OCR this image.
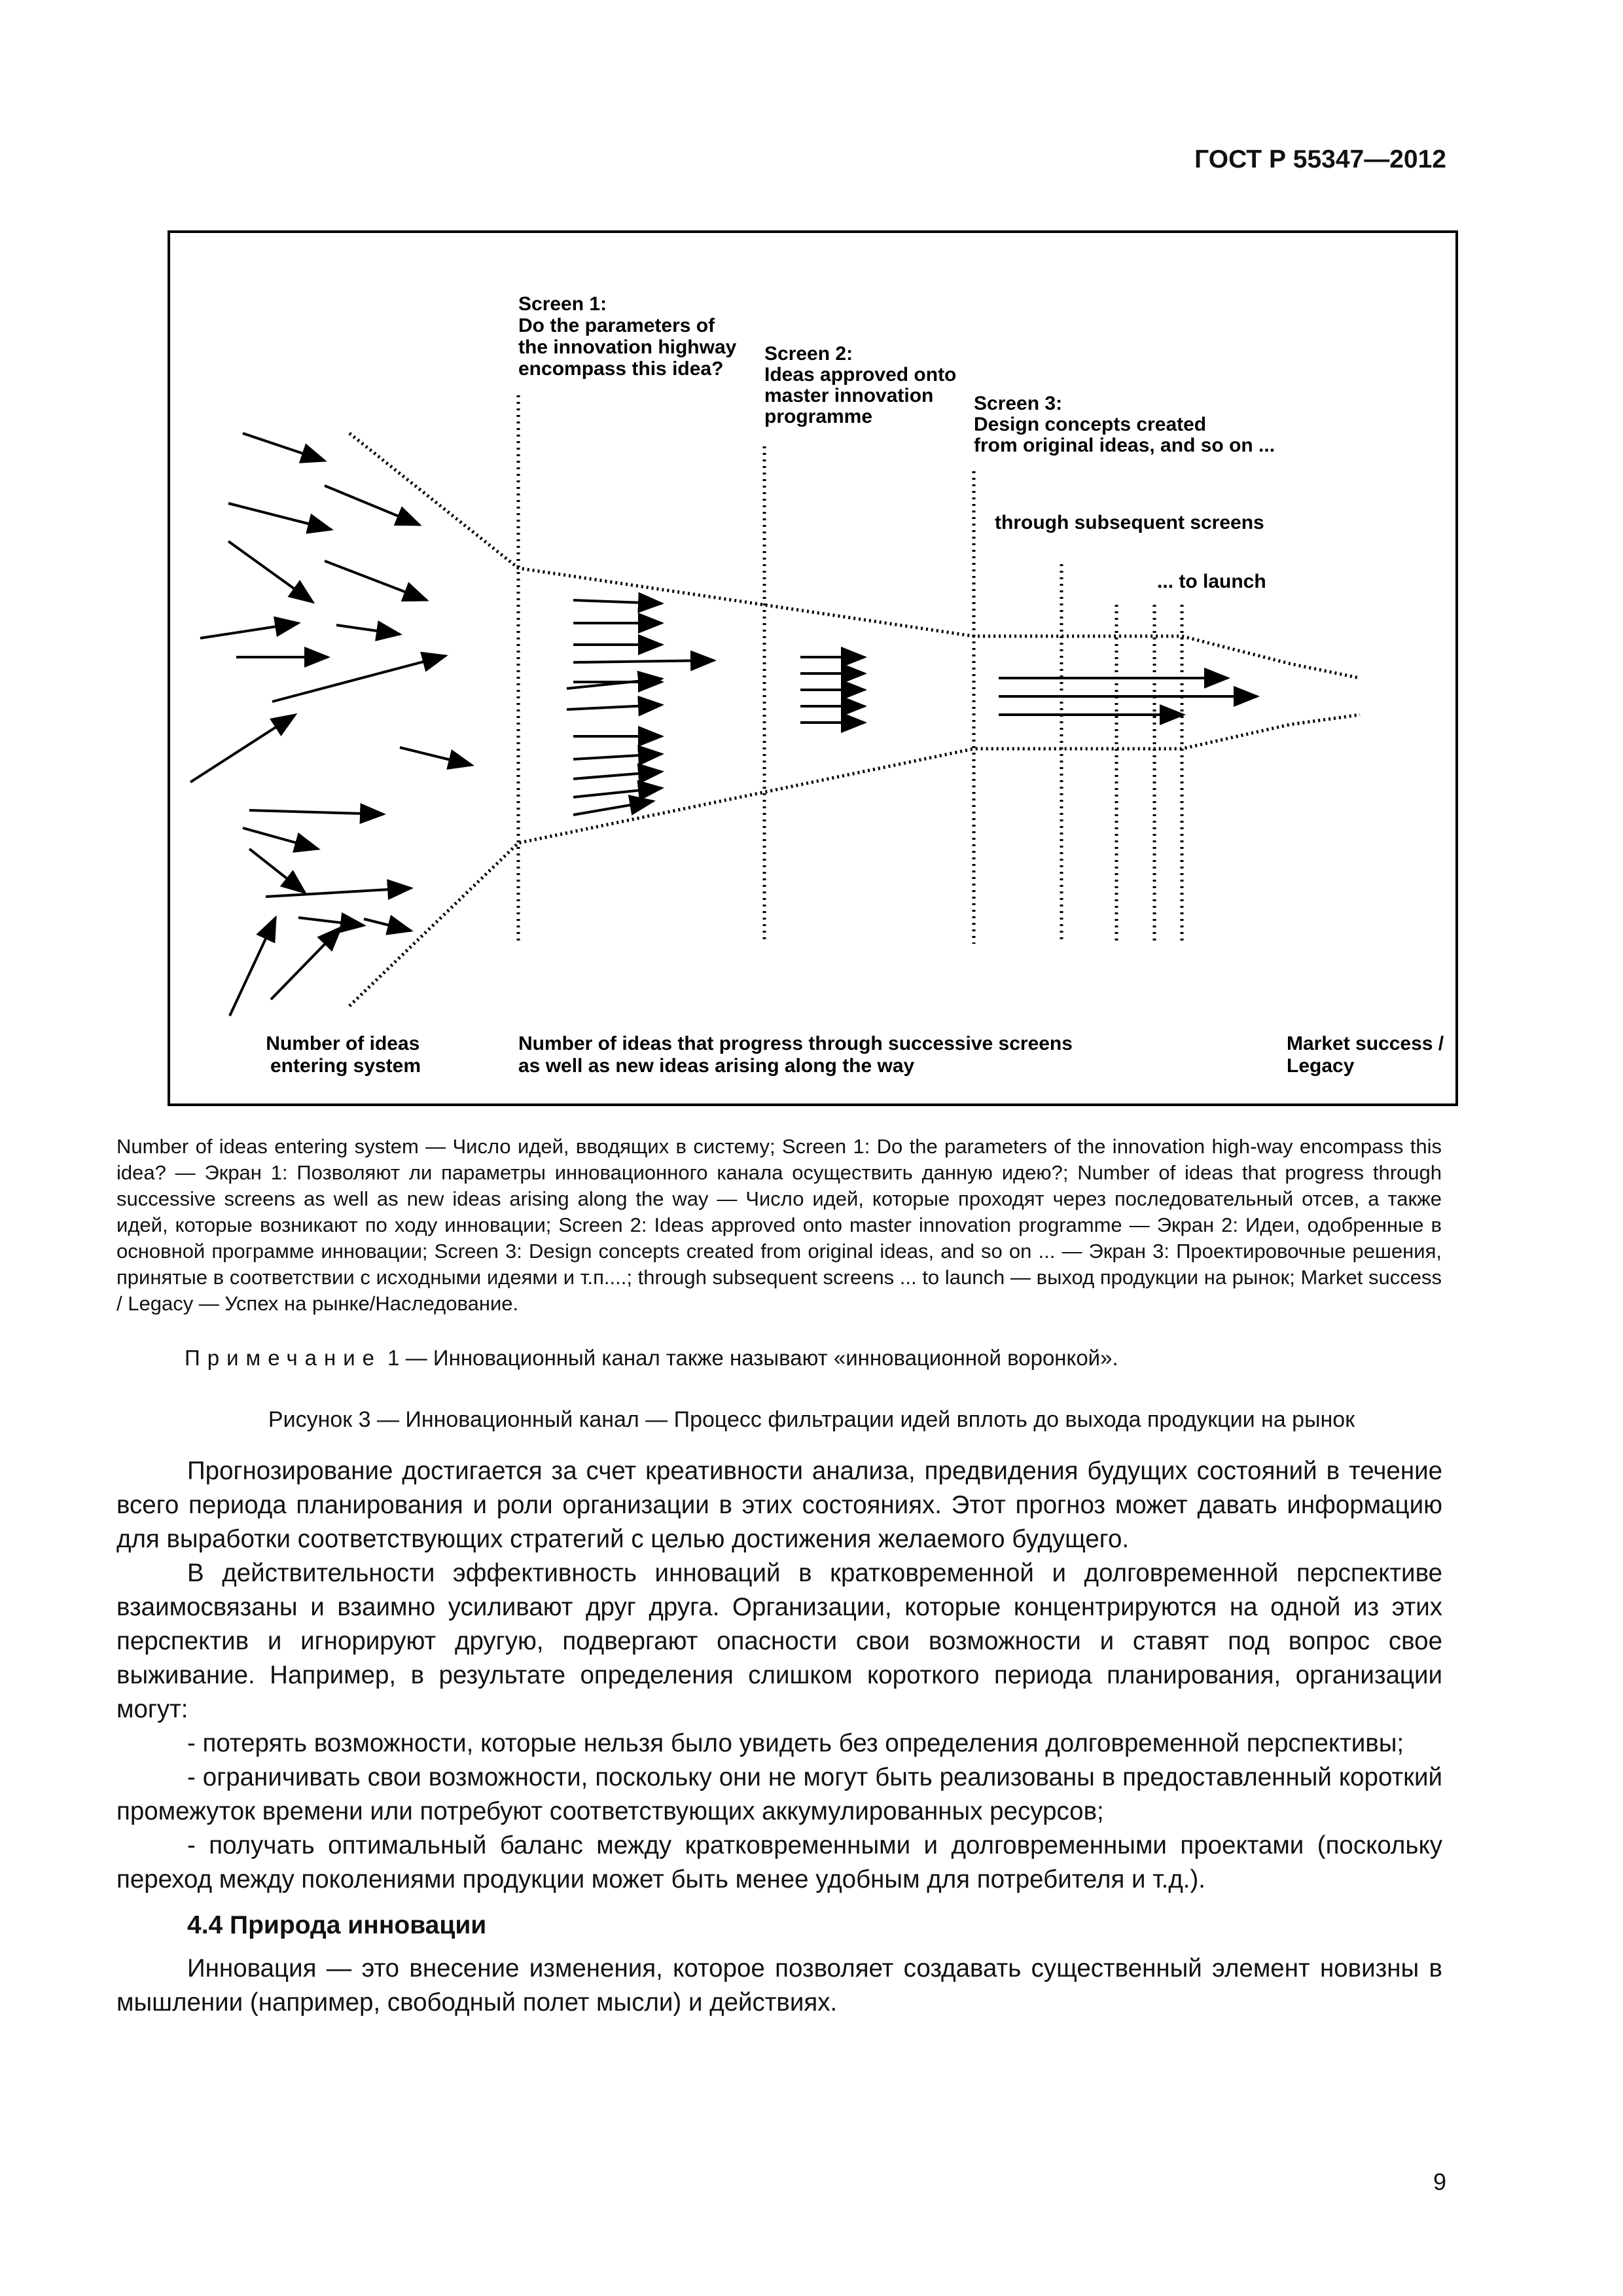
ГОСТ Р 55347—2012
Screen 1: Do the parameters of the innovation highway encompass this idea?
Screen 2: Ideas approved onto master innovation programme
Screen 3: Design concepts created from original ideas, and so on ...
through subsequent screens
... to launch
Number of ideas entering system
Number of ideas that progress through successive screens as well as new ideas arising along the way
Market success / Legacy
Number of ideas entering system — Число идей, вводящих в систему; Screen 1: Do the parameters of the innovation high-way encompass this idea? — Экран 1: Позволяют ли параметры инновационного канала осуществить данную идею?; Number of ideas that progress through successive screens as well as new ideas arising along the way — Число идей, которые проходят через последовательный отсев, а также идей, которые возникают по ходу инновации; Screen 2: Ideas approved onto master innovation programme — Экран 2: Идеи, одобренные в основной программе инновации; Screen 3: Design concepts created from original ideas, and so on ... — Экран 3: Проектировочные решения, принятые в соответствии с исходными идеями и т.п....; through subsequent screens ... to launch — выход продукции на рынок; Market success / Legacy — Успех на рынке/Наследование.
Примечание 1 — Инновационный канал также называют «инновационной воронкой».
Рисунок 3 — Инновационный канал — Процесс фильтрации идей вплоть до выхода продукции на рынок

Прогнозирование достигается за счет креативности анализа, предвидения будущих состояний в течение всего периода планирования и роли организации в этих состояниях. Этот прогноз может давать информацию для выработки соответствующих стратегий с целью достижения желаемого будущего.

В действительности эффективность инноваций в кратковременной и долговременной перспективе взаимосвязаны и взаимно усиливают друг друга. Организации, которые концентрируются на одной из этих перспектив и игнорируют другую, подвергают опасности свои возможности и ставят под вопрос свое выживание. Например, в результате определения слишком короткого периода планирования, организации могут:

- потерять возможности, которые нельзя было увидеть без определения долговременной перспективы;

- ограничивать свои возможности, поскольку они не могут быть реализованы в предоставленный короткий промежуток времени или потребуют соответствующих аккумулированных ресурсов;

- получать оптимальный баланс между кратковременными и долговременными проектами (поскольку переход между поколениями продукции может быть менее удобным для потребителя и т.д.).

4.4 Природа инновации

Инновация — это внесение изменения, которое позволяет создавать существенный элемент новизны в мышлении (например, свободный полет мысли) и действиях.

9
